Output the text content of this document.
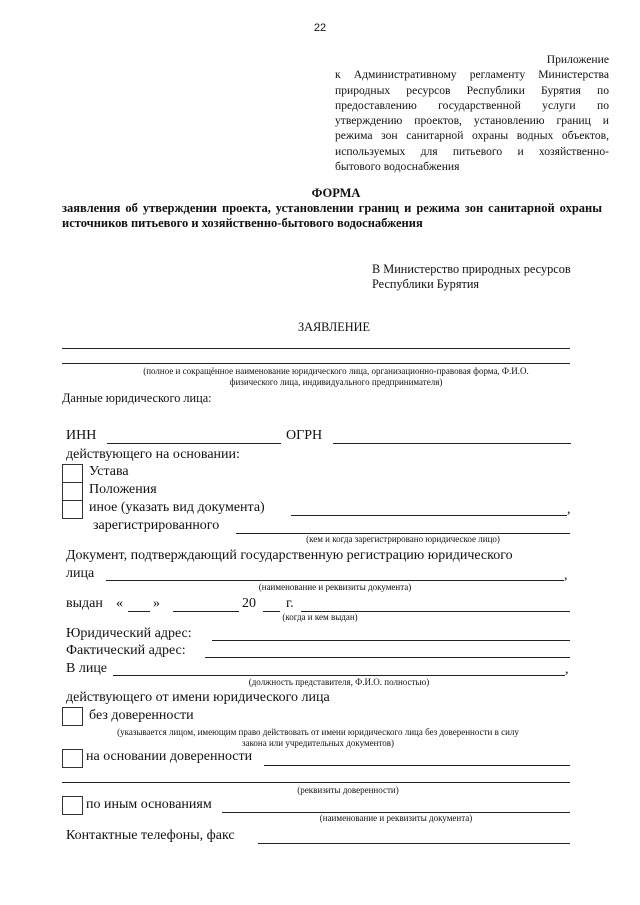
22
Приложение
к Административному регламенту Министерства
природных ресурсов Республики Бурятия по
предоставлению государственной услуги по
утверждению проектов, установлению границ и
режима зон санитарной охраны водных объектов,
используемых для питьевого и хозяйственно-
бытового водоснабжения
ФОРМА
заявления об утверждении проекта, установлении границ и режима зон санитарной охраны
источников питьевого и хозяйственно-бытового водоснабжения
В Министерство природных ресурсов
Республики Бурятия
ЗАЯВЛЕНИЕ
(полное и сокращённое наименование юридического лица, организационно-правовая форма, Ф.И.О.
физического лица, индивидуального предпринимателя)
Данные юридического лица:
ИНН	ОГРН
действующего на основании:
Устава
Положения
иное (указать вид документа)	,
зарегистрированного
(кем и когда зарегистрировано юридическое лицо)
Документ, подтверждающий государственную регистрацию юридического
лица	,
(наименование и реквизиты документа)
выдан « »	20 г.
(когда и кем выдан)
Юридический адрес:
Фактический адрес:
В лице	,
(должность представителя, Ф.И.О. полностью)
действующего от имени юридического лица
без доверенности
(указывается лицом, имеющим право действовать от имени юридического лица без доверенности в силу
закона или учредительных документов)
на основании доверенности
(реквизиты доверенности)
по иным основаниям
(наименование и реквизиты документа)
Контактные телефоны, факс
